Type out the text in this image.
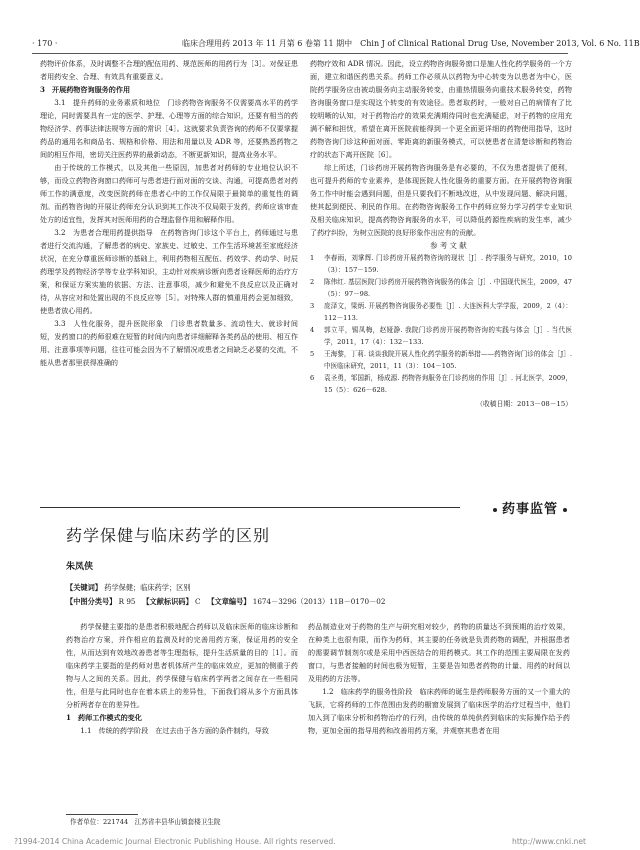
· 170 ·	临床合理用药 2013 年 11 月第 6 卷第 11 期中　Chin J of Clinical Rational Drug Use, November 2013, Vol. 6 No. 11B

药物评价体系，及时调整不合理的配伍用药、规范医师的用药行为［3］。对保证患者用药安全、合理、有效具有重要意义。

3　开展药物咨询服务的作用

3.1　提升药师的业务素质和地位　门诊药物咨询服务不仅需要高水平的药学理论，同时需要具有一定的医学、护理、心理等方面的综合知识，还要有相当的药物经济学、药事法律法规等方面的常识［4］。这就要求负责咨询的药师不仅要掌握药品的通用名和商品名、规格和价格、用法和用量以及 ADR 等，还要熟悉药物之间的相互作用，密切关注医药界的最新动态，不断更新知识，提高业务水平。

由于传统的工作模式，以及其他一些原因，加患者对药师的专业地位认识不够，而设立药物咨询窗口药师可与患者进行面对面的交谈、沟通，可提高患者对药师工作的满意度，改变医院药师在患者心中的工作仅局限于最简单的重复性的调剂。而药物咨询的开展让药师充分认识到其工作决不仅局限于发药，药师应该审查处方的适宜性，发挥其对医师用药的合理监督作用和解释作用。

3.2　为患者合理用药提供指导　在药物咨询门诊这个平台上，药师通过与患者进行交流沟通，了解患者的病史、家族史、过敏史、工作生活环境甚至家庭经济状况，在充分尊重医师诊断的基础上，利用药物相互配伍、药效学、药动学、时辰药理学及药物经济学等专业学科知识，主动针对疾病诊断向患者诠释医师的治疗方案，和保证方案实施的依据、方法、注意事项，减少和避免不良反应以及正确对待，从容应对和处置出现的不良反应等［5］。对特殊人群的慎重用药会更加细致，使患者放心用药。

3.3　人性化服务，提升医院形象　门诊患者数量多、流动性大、就诊时间短，发药窗口的药师很难在短暂的时间内向患者详细解释各类药品的使用、相互作用、注意事项等问题，往往可能会因为不了解情况或患者之间缺乏必要的交流，不能从患者那里获得准确的

药物疗效和 ADR 情况。因此，设立药物咨询服务窗口是施人性化药学服务的一个方面，建立和谐医药患关系。药师工作必须从以药物为中心转变为以患者为中心，医院药学服务应由被动服务向主动服务转变，由重热情服务向重技术服务转变，药物咨询服务窗口是实现这个转变的有效途径。患者取药时，一般对自己的病情有了比较明晰的认知，对于药物治疗的效果充满期待同时也充满疑虑，对于药物的应用充满不解和担忧，希望在离开医院前能得到一个更全面更详细的药物使用指导，这时药物咨询门诊这种面对面、零距离的新服务模式，可以使患者在清楚诊断和药物治疗的状态下离开医院［6］。

综上所述，门诊药房开展药物咨询服务是有必要的，不仅为患者提供了便利，也可提升药师的专业素养，是体现医院人性化服务的重要方面。在开展药物咨询服务工作中时能会遇到问题，但是只要我们不断地改进，从中发现问题、解决问题，使其起到便民、利民的作用。在药物咨询服务工作中药师应努力学习药学专业知识及相关临床知识，提高药物咨询服务的水平，可以降低药源性疾病的发生率，减少了药疗纠纷，为树立医院的良好形象作出应有的贡献。

参 考 文 献

1	李春雨，刘掌辉. 门诊药房开展药物咨询的现状［J］. 药学服务与研究，2010，10（3）：157－159.
2	陈伟红. 基层医院门诊药房开展药物咨询服务的体会［J］. 中国现代医生，2009，47（5）：97－98.
3	庞泽文，梁炳. 开展药物咨询服务必要性［J］. 大连医科大学学报，2009，2（4）：112－113.
4	郭立平，锡凤梅，赵娅静. 我院门诊药房开展药物咨询的实践与体会［J］. 当代医学，2011，17（4）：132－133.
5	王海黎，丁莉. 谈谈我院开展人性化药学服务的新举措——药物咨询门诊的体会［J］. 中医临床研究，2011，11（3）：104－105.
6	袁圣勇，邹国新，杨成源. 药物咨询服务在门诊药房的作用［J］. 河北医学，2009，15（5）：626－628.
（收稿日期：2013－08－15）
药事监管
药学保健与临床药学的区别
朱凤侠
【关键词】 药学保健；临床药学；区别
【中图分类号】 R 95 【文献标识码】 C 【文章编号】 1674－3296（2013）11B－0170－02

药学保健主要指的是患者积极地配合药师以及临床医师的临床诊断和药物治疗方案，并作相应的监测及时的完善用药方案，保证用药的安全性，从而达到有效地改善患者等生理指标，提升生活质量的目的［1］。而临床药学主要指的是药师对患者机体所产生的临床效应，更加的侧重于药物与人之间的关系。因此，药学保健与临床药学两者之间存在一些相同性，但是与此同时也存在着本质上的差异性，下面我们将从多个方面具体分析两者存在的差异性。

1　药师工作模式的变化

1.1　传统的药学阶段　在过去由于各方面的条件制约，导致

药品制造业对于药物的生产与研究相对较少，药物的质量达不到预期的治疗效果，在种类上也很有限，而作为药师，其主要的任务就是负责药物的调配，并根据患者的需要调节制剂尔或是采用中西医结合的用药模式。其工作的范围主要局限在发药窗口，与患者接触的时间也极为短暂，主要是告知患者药物的计量、用药的时间以及用药的方法等。

1.2　临床药学的服务性阶段　临床药师的诞生是药师服务方面的又一个重大的飞跃，它将药师的工作范围由发药的橱窗发展到了临床医学的治疗过程当中，他们加入到了临床分析和药物治疗的行列，由传统的单纯供药到临床的实际操作给予药物，更加全面的指导用药和改善用药方案，并观察其患者在用

作者单位：221744　江苏省丰县华山镇套楼卫生院
?1994-2014 China Academic Journal Electronic Publishing House. All rights reserved.	http://www.cnki.net
